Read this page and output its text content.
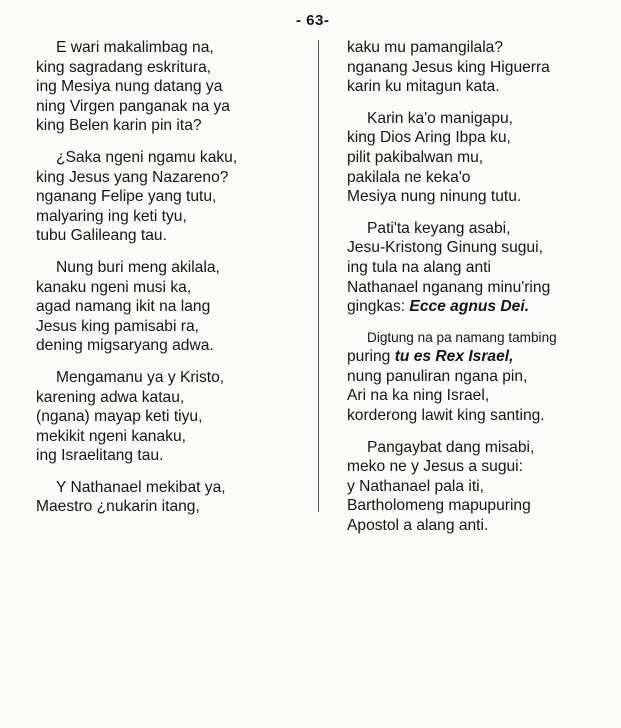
- 63-
E wari makalimbag na,
king sagradang eskritura,
ing Mesiya nung datang ya
ning Virgen panganak na ya
king Belen karin pin ita?
¿Saka ngeni ngamu kaku,
king Jesus yang Nazareno?
nganang Felipe yang tutu,
malyaring ing keti tyu,
tubu Galileang tau.
Nung buri meng akilala,
kanaku ngeni musi ka,
agad namang ikit na lang
Jesus king pamisabi ra,
dening migsaryang adwa.
Mengamanu ya y Kristo,
karening adwa katau,
(ngana) mayap keti tiyu,
mekikit ngeni kanaku,
ing Israelitang tau.
Y Nathanael mekibat ya,
Maestro ¿nukarin itang,
kaku mu pamangilala?
nganang Jesus king Higuerra
karin ku mitagun kata.
Karin ka'o manigapu,
king Dios Aring Ibpa ku,
pilit pakibalwan mu,
pakilala ne keka'o
Mesiya nung ninung tutu.
Pati'ta keyang asabi,
Jesu-Kristong Ginung sugui,
ing tula na alang anti
Nathanael nganang minu'ring
gingkas: Ecce agnus Dei.
Digtung na pa namang tambing
puring tu es Rex Israel,
nung panuliran ngana pin,
Ari na ka ning Israel,
korderong lawit king santing.
Pangaybat dang misabi,
meko ne y Jesus a sugui:
y Nathanael pala iti,
Bartholomeng mapupuring
Apostol a alang anti.
